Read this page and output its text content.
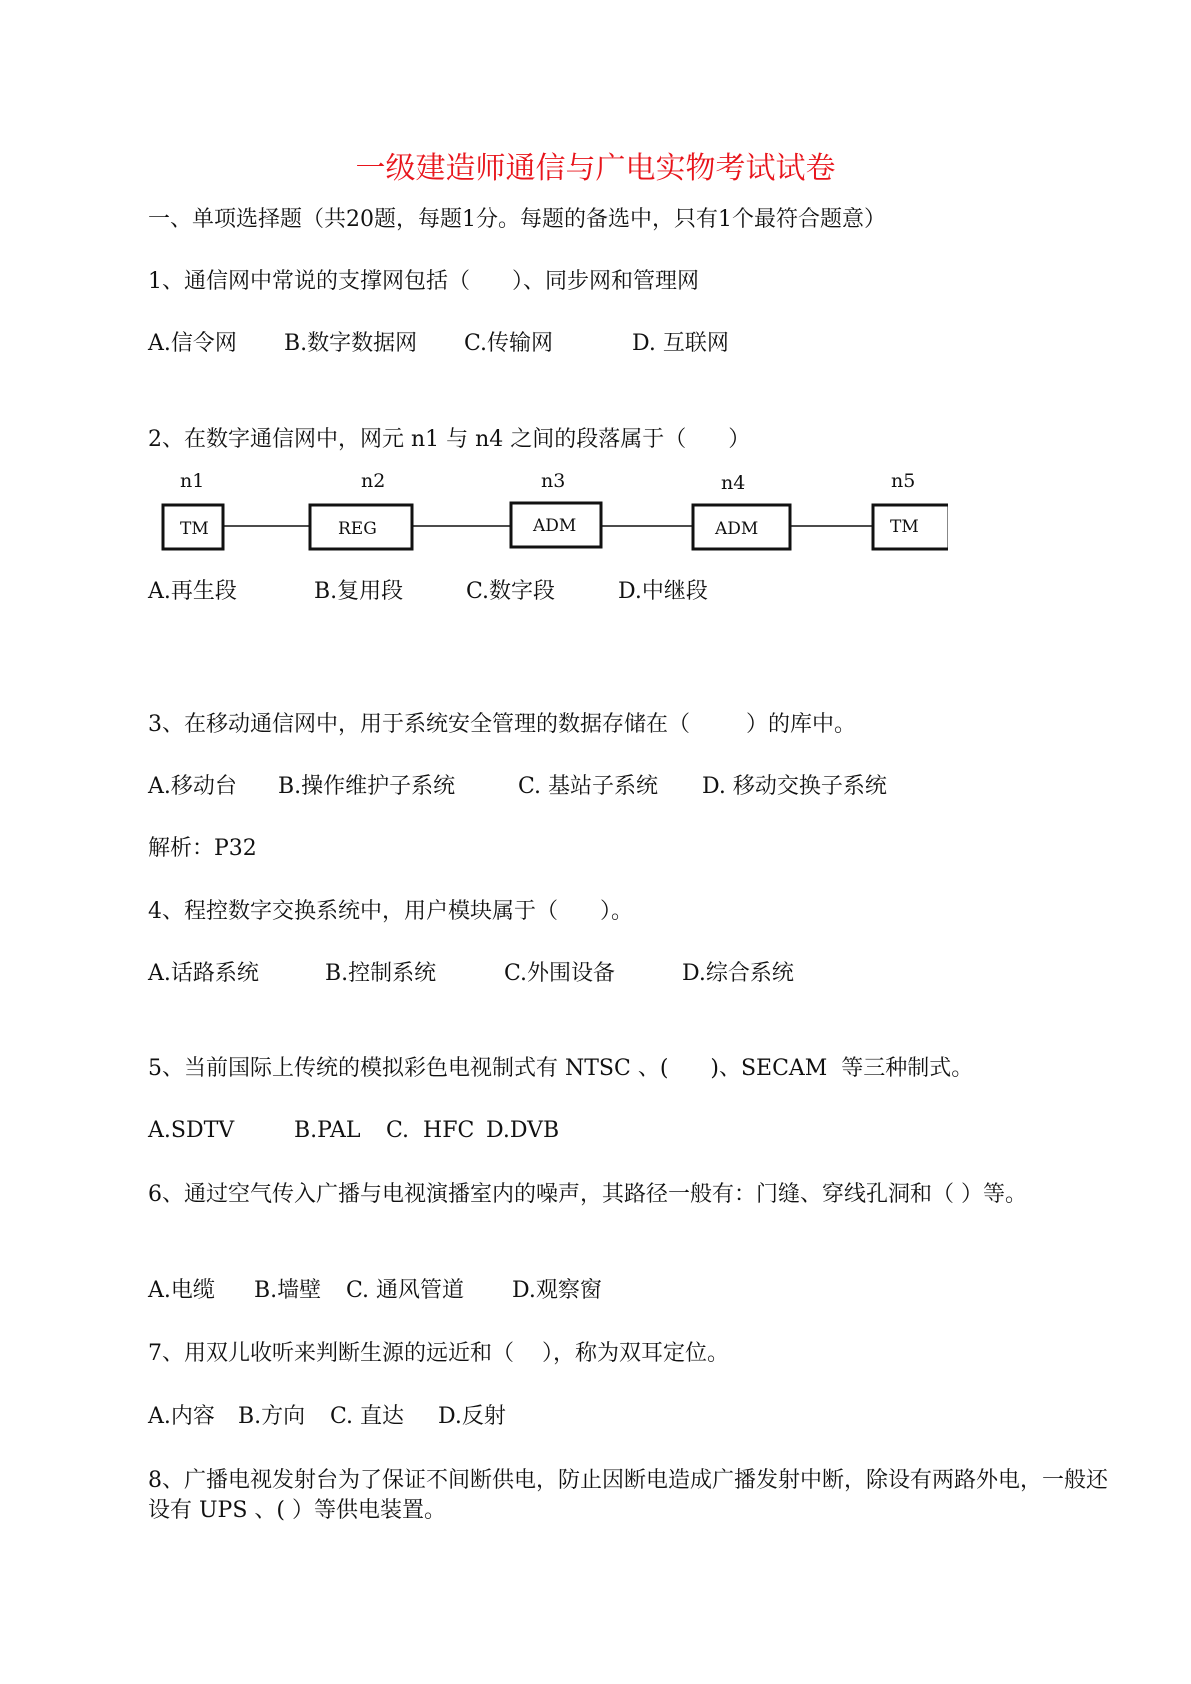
一级建造师通信与广电实物考试试卷

一、单项选择题（共20题，每题1分。每题的备选中，只有1个最符合题意）

1、通信网中常说的支撑网包括（      ）、同步网和管理网

A.信令网

B.数字数据网

C.传输网

	D. 互联网

2、在数字通信网中，网元 n1 与 n4 之间的段落属于（      ）

n1	n2	n3	n4	n5
TM	REG	ADM	ADM	TM

A.再生段

	B.复用段

	C.数字段

	D.中继段

3、在移动通信网中，用于系统安全管理的数据存储在（        ）的库中。

A.移动台

B.操作维护子系统

	C. 基站子系统

D. 移动交换子系统

解析：P32

4、程控数字交换系统中，用户模块属于（      ）。

A.话路系统

	B.控制系统

	C.外围设备

	D.综合系统

5、当前国际上传统的模拟彩色电视制式有 NTSC 、(      )、SECAM  等三种制式。

A.SDTV

	B.PAL

C.  HFC

D.DVB

6、通过空气传入广播与电视演播室内的噪声，其路径一般有：门缝、穿线孔洞和（ ）等。

A.电缆

B.墙壁

C. 通风管道

D.观察窗

7、用双儿收听来判断生源的远近和（    ），称为双耳定位。

A.内容

B.方向

C. 直达

D.反射

8、广播电视发射台为了保证不间断供电，防止因断电造成广播发射中断，除设有两路外电，一般还设有 UPS 、( ）等供电装置。
